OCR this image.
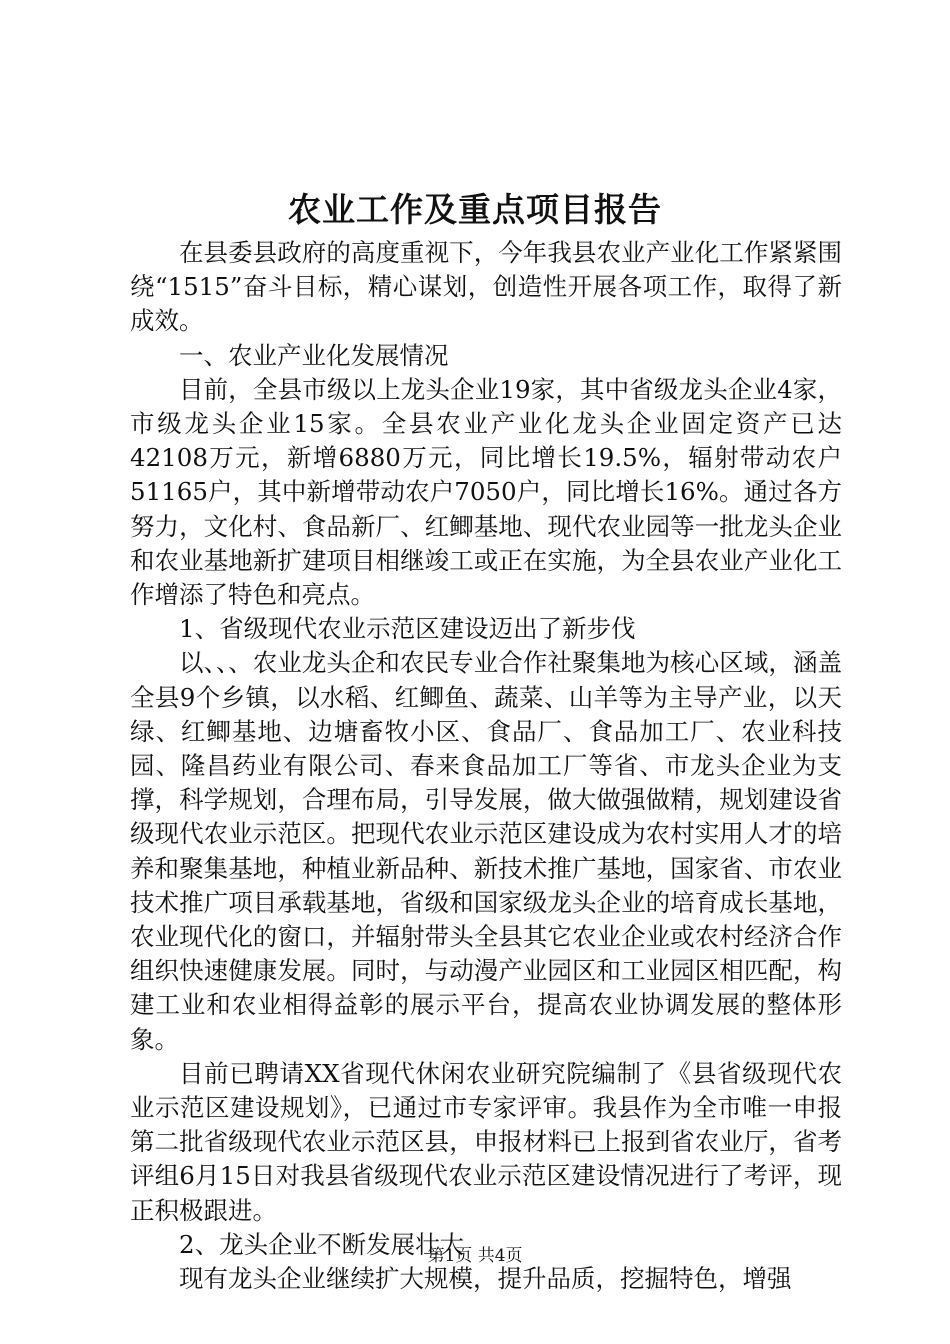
农业工作及重点项目报告

在县委县政府的高度重视下，今年我县农业产业化工作紧紧围绕“1515”奋斗目标，精心谋划，创造性开展各项工作，取得了新成效。

一、农业产业化发展情况

目前，全县市级以上龙头企业19家，其中省级龙头企业4家，市级龙头企业15家。全县农业产业化龙头企业固定资产已达42108万元，新增6880万元，同比增长19.5%，辐射带动农户51165户，其中新增带动农户7050户，同比增长16%。通过各方努力，文化村、食品新厂、红鲫基地、现代农业园等一批龙头企业和农业基地新扩建项目相继竣工或正在实施，为全县农业产业化工作增添了特色和亮点。

1、省级现代农业示范区建设迈出了新步伐

以、、、农业龙头企和农民专业合作社聚集地为核心区域，涵盖全县9个乡镇，以水稻、红鲫鱼、蔬菜、山羊等为主导产业，以天绿、红鲫基地、边塘畜牧小区、食品厂、食品加工厂、农业科技园、隆昌药业有限公司、春来食品加工厂等省、市龙头企业为支撑，科学规划，合理布局，引导发展，做大做强做精，规划建设省级现代农业示范区。把现代农业示范区建设成为农村实用人才的培养和聚集基地，种植业新品种、新技术推广基地，国家省、市农业技术推广项目承载基地，省级和国家级龙头企业的培育成长基地，农业现代化的窗口，并辐射带头全县其它农业企业或农村经济合作组织快速健康发展。同时，与动漫产业园区和工业园区相匹配，构建工业和农业相得益彰的展示平台，提高农业协调发展的整体形象。

目前已聘请XX省现代休闲农业研究院编制了《县省级现代农业示范区建设规划》，已通过市专家评审。我县作为全市唯一申报第二批省级现代农业示范区县，申报材料已上报到省农业厅，省考评组6月15日对我县省级现代农业示范区建设情况进行了考评，现正积极跟进。

2、龙头企业不断发展壮大

现有龙头企业继续扩大规模，提升品质，挖掘特色，增强

第1页 共4页
